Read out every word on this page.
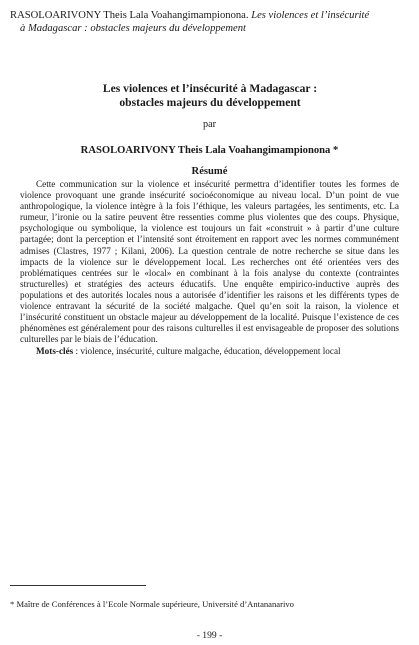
RASOLOARIVONY Theis Lala Voahangimampionona. Les violences et l’insécurité
à Madagascar : obstacles majeurs du développement
Les violences et l’insécurité à Madagascar :
obstacles majeurs du développement
par
RASOLOARIVONY Theis Lala Voahangimampionona *
Résumé

Cette communication sur la violence et insécurité permettra d’identifier toutes les formes de violence provoquant une grande insécurité socioéconomique au niveau local. D’un point de vue anthropologique, la violence intègre à la fois l’éthique, les valeurs partagées, les sentiments, etc. La rumeur, l’ironie ou la satire peuvent être ressenties comme plus violentes que des coups. Physique, psychologique ou symbolique, la violence est toujours un fait «construit » à partir d’une culture partagée; dont la perception et l’intensité sont étroitement en rapport avec les normes communément admises (Clastres, 1977 ; Kilani, 2006). La question centrale de notre recherche se situe dans les impacts de la violence sur le développement local. Les recherches ont été orientées vers des problématiques centrées sur le «local» en combinant à la fois analyse du contexte (contraintes structurelles) et stratégies des acteurs éducatifs. Une enquête empirico-inductive auprès des populations et des autorités locales nous a autorisée d’identifier les raisons et les différents types de violence entravant la sécurité de la société malgache. Quel qu’en soit la raison, la violence et l’insécurité constituent un obstacle majeur au développement de la localité. Puisque l’existence de ces phénomènes est généralement pour des raisons culturelles il est envisageable de proposer des solutions culturelles par le biais de l’éducation.

Mots-clés : violence, insécurité, culture malgache, éducation, développement local

* Maître de Conférences à l’Ecole Normale supérieure, Université d’Antananarivo
- 199 -
